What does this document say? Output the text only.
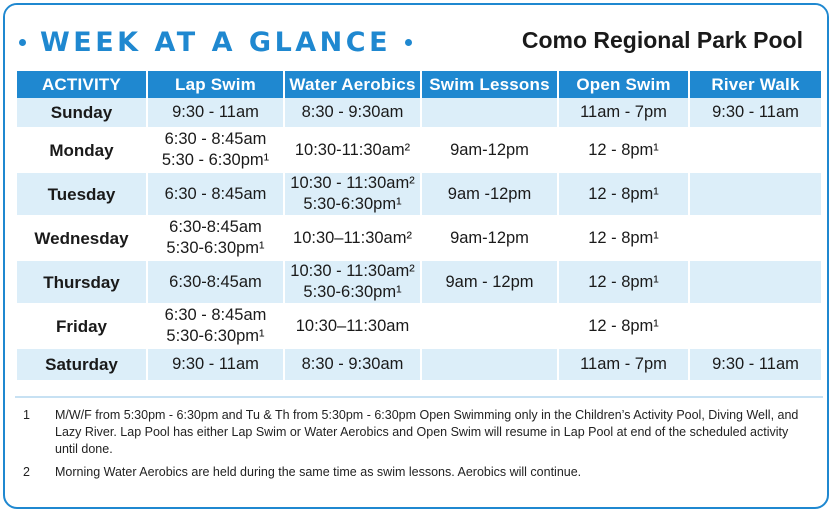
WEEK AT A GLANCE	Como Regional Park Pool
ACTIVITY	Lap Swim	Water Aerobics	Swim Lessons	Open Swim	River Walk
Sunday	9:30 - 11am	8:30 - 9:30am		11am - 7pm	9:30 - 11am

Monday	6:30 - 8:45am
5:30 - 6:30pm¹	10:30-11:30am²	9am-12pm	12 - 8pm¹	

Tuesday	6:30 - 8:45am	10:30 - 11:30am²
5:30-6:30pm¹	9am -12pm	12 - 8pm¹	

Wednesday	6:30-8:45am
5:30-6:30pm¹	10:30–11:30am²	9am-12pm	12 - 8pm¹	

Thursday	6:30-8:45am	10:30 - 11:30am²
5:30-6:30pm¹	9am - 12pm	12 - 8pm¹	

Friday	6:30 - 8:45am
5:30-6:30pm¹	10:30–11:30am		12 - 8pm¹	

Saturday	9:30 - 11am	8:30 - 9:30am		11am - 7pm	9:30 - 11am
1	M/W/F from 5:30pm - 6:30pm and Tu & Th from 5:30pm - 6:30pm Open Swimming only in the Children’s Activity Pool, Diving Well, and Lazy River. Lap Pool has either Lap Swim or Water Aerobics and Open Swim will resume in Lap Pool at end of the scheduled activity until done.
2	Morning Water Aerobics are held during the same time as swim lessons. Aerobics will continue.
